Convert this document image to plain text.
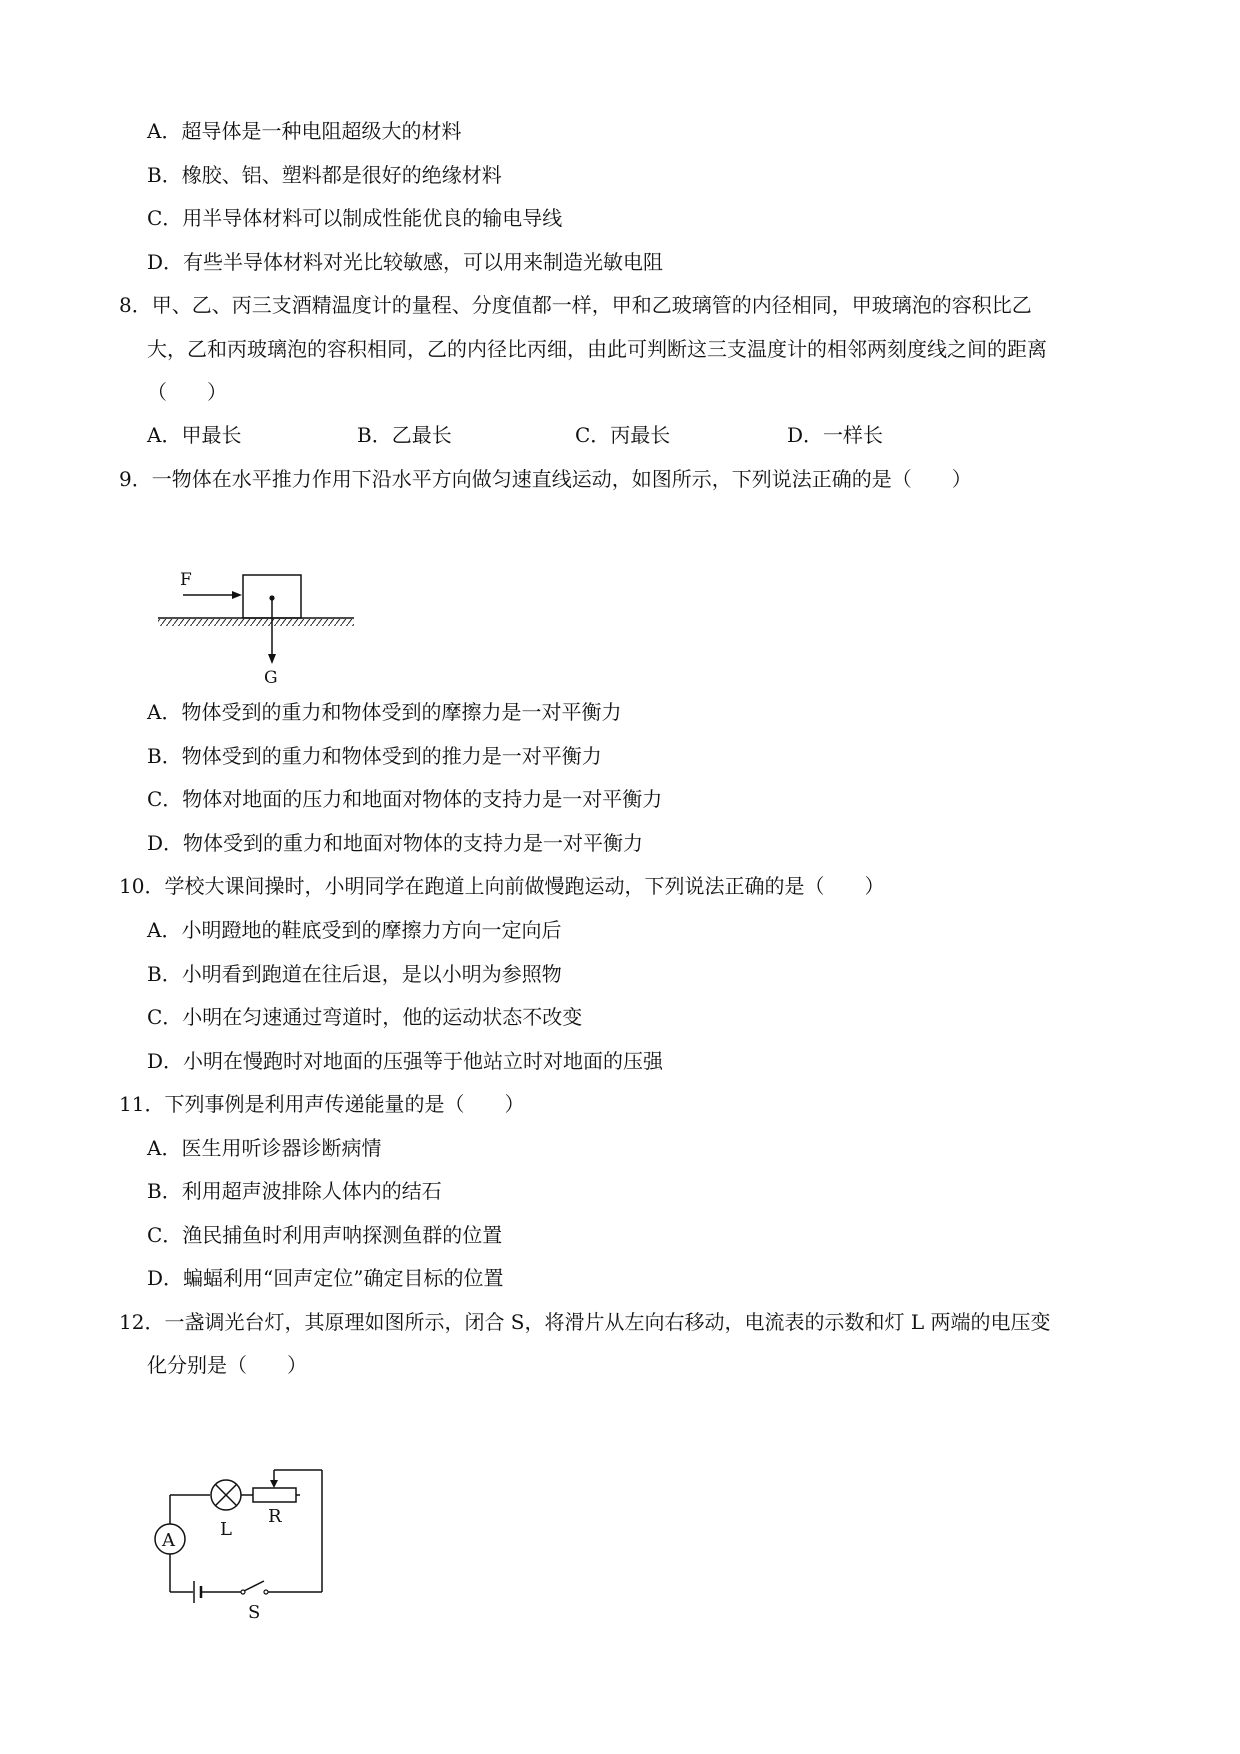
A．超导体是一种电阻超级大的材料
B．橡胶、铝、塑料都是很好的绝缘材料
C．用半导体材料可以制成性能优良的输电导线
D．有些半导体材料对光比较敏感，可以用来制造光敏电阻
8．甲、乙、丙三支酒精温度计的量程、分度值都一样，甲和乙玻璃管的内径相同，甲玻璃泡的容积比乙
大，乙和丙玻璃泡的容积相同，乙的内径比丙细，由此可判断这三支温度计的相邻两刻度线之间的距离
（　　）
A．甲最长	B．乙最长	C．丙最长	D．一样长
9．一物体在水平推力作用下沿水平方向做匀速直线运动，如图所示，下列说法正确的是（　　）
F
G
A．物体受到的重力和物体受到的摩擦力是一对平衡力
B．物体受到的重力和物体受到的推力是一对平衡力
C．物体对地面的压力和地面对物体的支持力是一对平衡力
D．物体受到的重力和地面对物体的支持力是一对平衡力
10．学校大课间操时，小明同学在跑道上向前做慢跑运动，下列说法正确的是（　　）
A．小明蹬地的鞋底受到的摩擦力方向一定向后
B．小明看到跑道在往后退，是以小明为参照物
C．小明在匀速通过弯道时，他的运动状态不改变
D．小明在慢跑时对地面的压强等于他站立时对地面的压强
11．下列事例是利用声传递能量的是（　　）
A．医生用听诊器诊断病情
B．利用超声波排除人体内的结石
C．渔民捕鱼时利用声呐探测鱼群的位置
D．蝙蝠利用“回声定位”确定目标的位置
12．一盏调光台灯，其原理如图所示，闭合 S，将滑片从左向右移动，电流表的示数和灯 L 两端的电压变
化分别是（　　）
A
L
R
S
